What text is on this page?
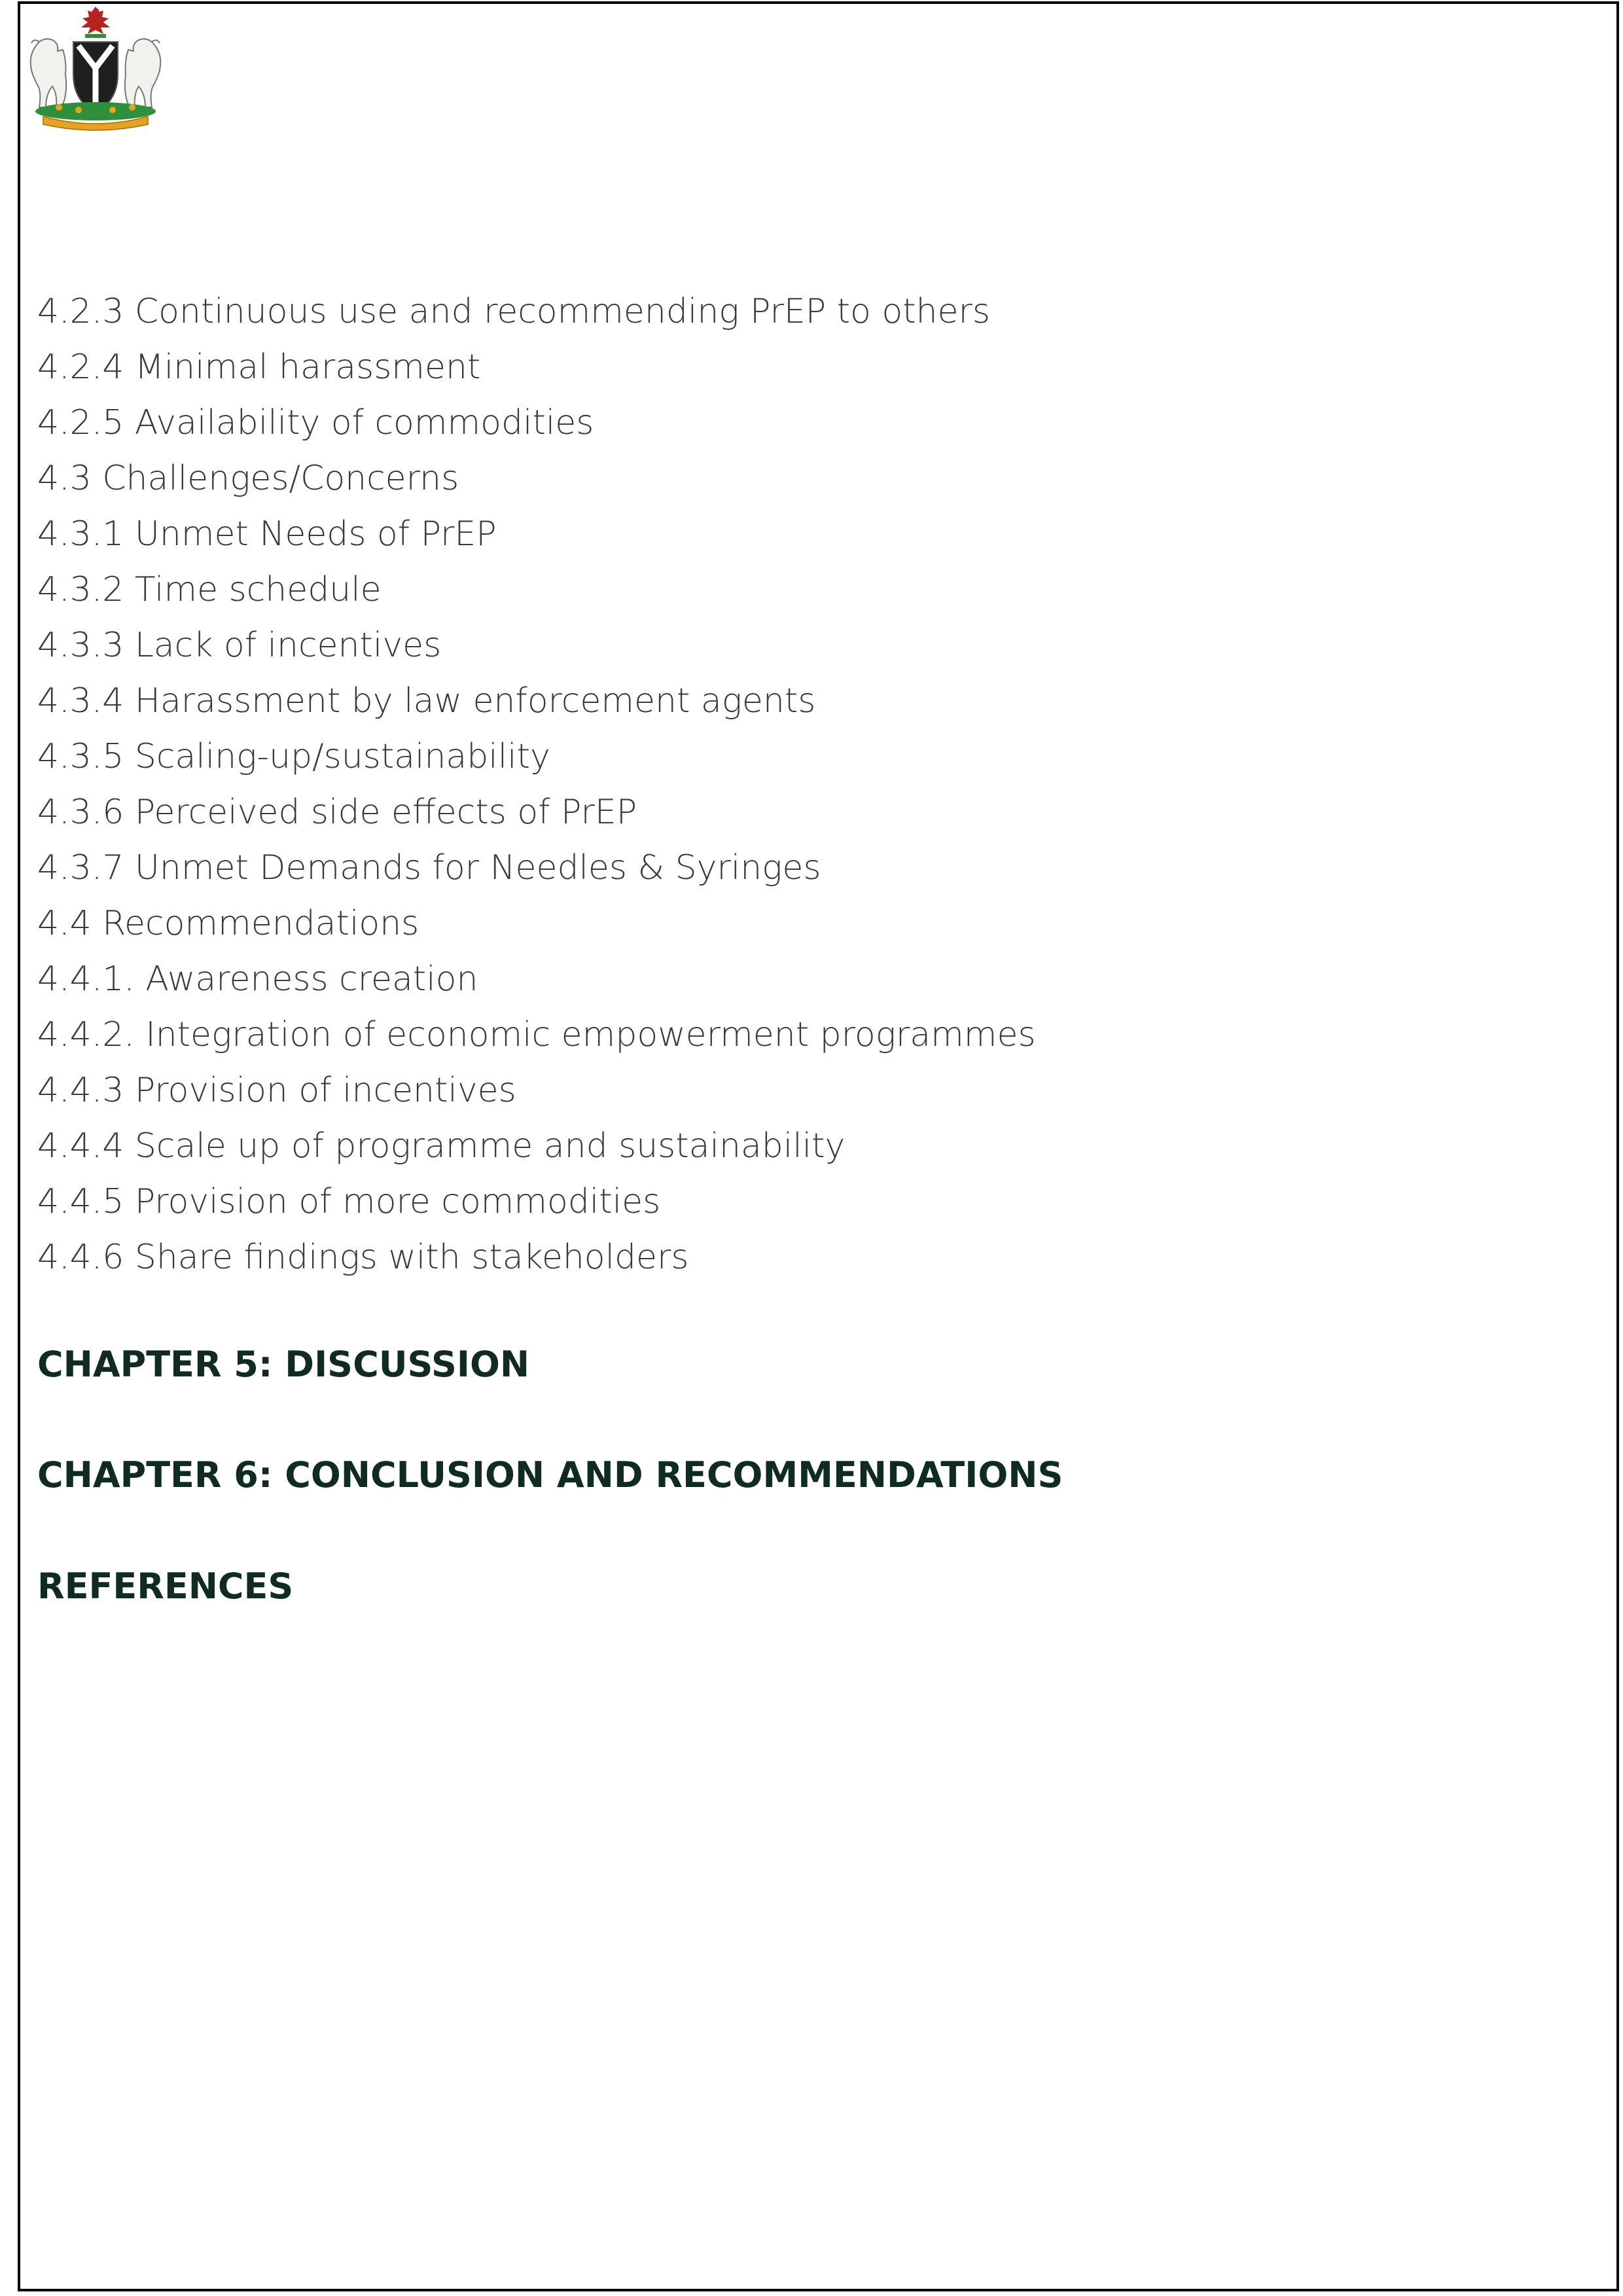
4.2.3 Continuous use and recommending PrEP to others
4.2.4 Minimal harassment
4.2.5 Availability of commodities
4.3 Challenges/Concerns
4.3.1 Unmet Needs of PrEP
4.3.2 Time schedule
4.3.3 Lack of incentives
4.3.4 Harassment by law enforcement agents
4.3.5 Scaling-up/sustainability
4.3.6 Perceived side effects of PrEP
4.3.7 Unmet Demands for Needles & Syringes
4.4 Recommendations
4.4.1. Awareness creation
4.4.2. Integration of economic empowerment programmes
4.4.3 Provision of incentives
4.4.4 Scale up of programme and sustainability
4.4.5 Provision of more commodities
4.4.6 Share findings with stakeholders
CHAPTER 5: DISCUSSION
CHAPTER 6: CONCLUSION AND RECOMMENDATIONS
REFERENCES
